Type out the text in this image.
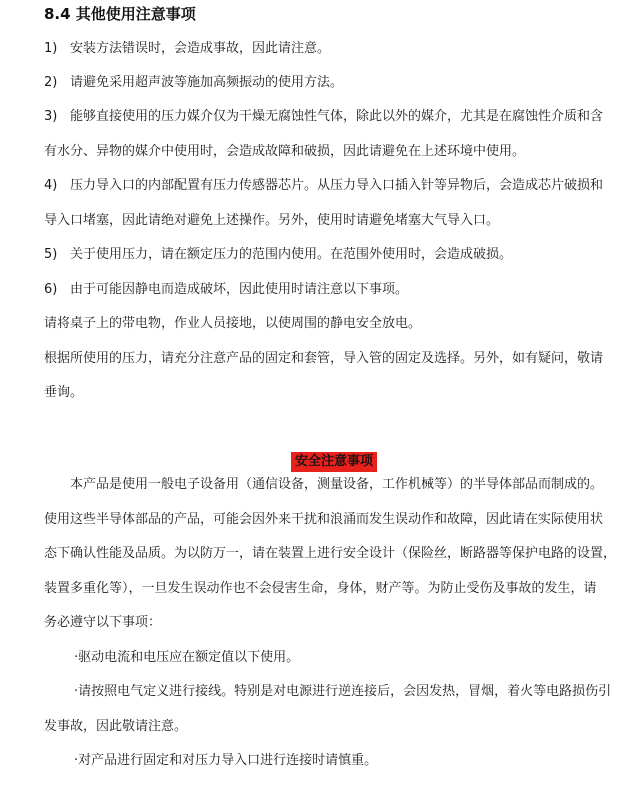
8.4 其他使用注意事项
1) 安装方法错误时，会造成事故，因此请注意。
2) 请避免采用超声波等施加高频振动的使用方法。
3) 能够直接使用的压力媒介仅为干燥无腐蚀性气体，除此以外的媒介，尤其是在腐蚀性介质和含
有水分、异物的媒介中使用时，会造成故障和破损，因此请避免在上述环境中使用。
4) 压力导入口的内部配置有压力传感器芯片。从压力导入口插入针等异物后，会造成芯片破损和
导入口堵塞，因此请绝对避免上述操作。另外，使用时请避免堵塞大气导入口。
5) 关于使用压力，请在额定压力的范围内使用。在范围外使用时，会造成破损。
6) 由于可能因静电而造成破坏，因此使用时请注意以下事项。
请将桌子上的带电物，作业人员接地，以使周围的静电安全放电。
根据所使用的压力，请充分注意产品的固定和套管，导入管的固定及选择。另外，如有疑问，敬请
垂询。
安全注意事项
本产品是使用一般电子设备用（通信设备，测量设备，工作机械等）的半导体部品而制成的。
使用这些半导体部品的产品，可能会因外来干扰和浪涌而发生误动作和故障，因此请在实际使用状
态下确认性能及品质。为以防万一，请在装置上进行安全设计（保险丝，断路器等保护电路的设置，
装置多重化等），一旦发生误动作也不会侵害生命，身体，财产等。为防止受伤及事故的发生，请
务必遵守以下事项：
·驱动电流和电压应在额定值以下使用。
·请按照电气定义进行接线。特别是对电源进行逆连接后，会因发热，冒烟，着火等电路损伤引
发事故，因此敬请注意。
·对产品进行固定和对压力导入口进行连接时请慎重。
